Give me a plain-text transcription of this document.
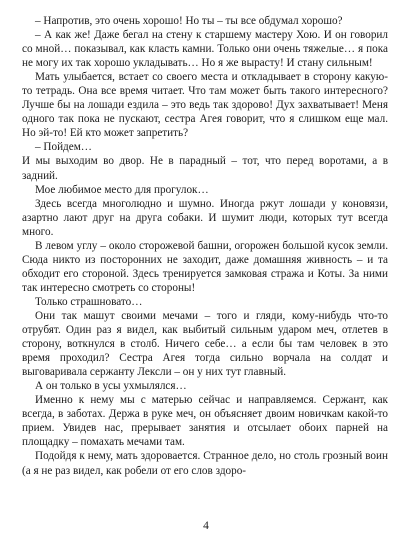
– Напротив, это очень хорошо! Но ты – ты все обдумал хорошо?

– А как же! Даже бегал на стену к старшему мастеру Хою. И он говорил со мной… показывал, как класть камни. Только они очень тяжелые… я пока не могу их так хорошо укладывать… Но я же вырасту! И стану сильным!

Мать улыбается, встает со своего места и откладывает в сторону какую-то тетрадь. Она все время читает. Что там может быть такого интересного? Лучше бы на лошади ездила – это ведь так здорово! Дух захватывает! Меня одного так пока не пускают, сестра Агея говорит, что я слишком еще мал. Но эй-то! Ей кто может запретить?

– Пойдем…

И мы выходим во двор. Не в парадный – тот, что перед воротами, а в задний.

Мое любимое место для прогулок…

Здесь всегда многолюдно и шумно. Иногда ржут лошади у коновязи, азартно лают друг на друга собаки. И шумит люди, которых тут всегда много.

В левом углу – около сторожевой башни, огорожен большой кусок земли. Сюда никто из посторонних не заходит, даже домашняя живность – и та обходит его стороной. Здесь тренируется замковая стража и Коты. За ними так интересно смотреть со стороны!

Только страшновато…

Они так машут своими мечами – того и гляди, кому-нибудь что-то отрубят. Один раз я видел, как выбитый сильным ударом меч, отлетев в сторону, воткнулся в столб. Ничего себе… а если бы там человек в это время проходил? Сестра Агея тогда сильно ворчала на солдат и выговаривала сержанту Лексли – он у них тут главный.

А он только в усы ухмылялся…

Именно к нему мы с матерью сейчас и направляемся. Сержант, как всегда, в заботах. Держа в руке меч, он объясняет двоим новичкам какой-то прием. Увидев нас, прерывает занятия и отсылает обоих парней на площадку – помахать мечами там.

Подойдя к нему, мать здоровается. Странное дело, но столь грозный воин (а я не раз видел, как робели от его слов здоро-

4
